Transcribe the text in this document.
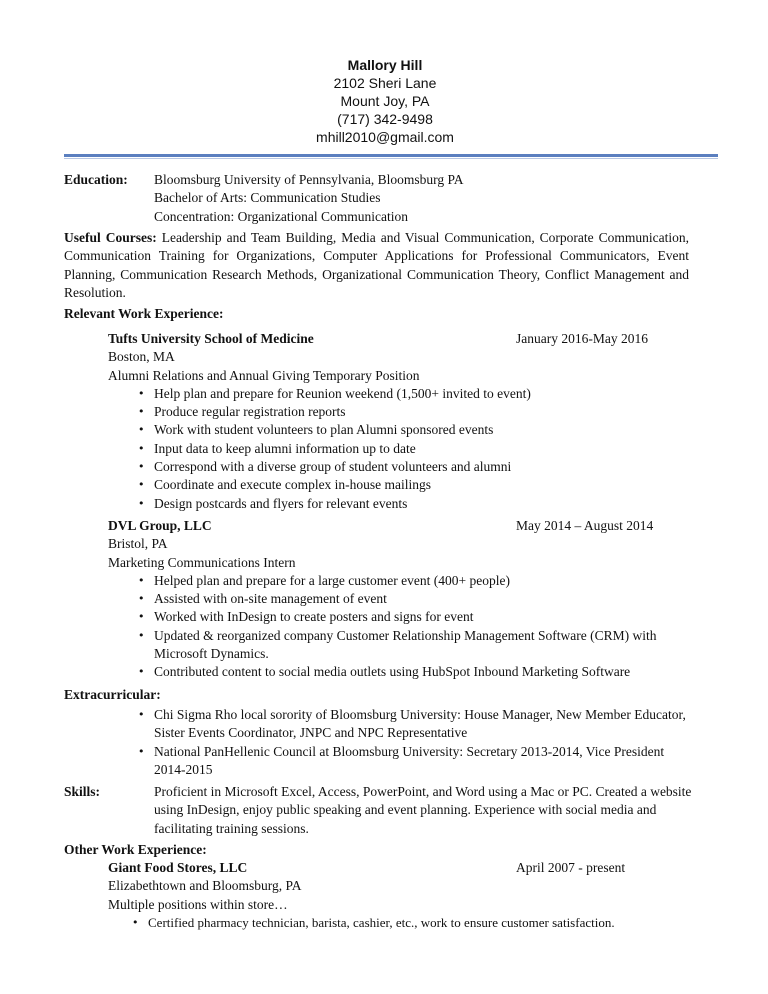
Mallory Hill
2102 Sheri Lane
Mount Joy, PA
(717) 342-9498
mhill2010@gmail.com
Education: Bloomsburg University of Pennsylvania, Bloomsburg PA
Bachelor of Arts: Communication Studies
Concentration: Organizational Communication
Useful Courses: Leadership and Team Building, Media and Visual Communication, Corporate Communication, Communication Training for Organizations, Computer Applications for Professional Communicators, Event Planning, Communication Research Methods, Organizational Communication Theory, Conflict Management and Resolution.
Relevant Work Experience:
Tufts University School of Medicine	January 2016-May 2016
Boston, MA
Alumni Relations and Annual Giving Temporary Position
• Help plan and prepare for Reunion weekend (1,500+ invited to event)
• Produce regular registration reports
• Work with student volunteers to plan Alumni sponsored events
• Input data to keep alumni information up to date
• Correspond with a diverse group of student volunteers and alumni
• Coordinate and execute complex in-house mailings
• Design postcards and flyers for relevant events
DVL Group, LLC	May 2014 – August 2014
Bristol, PA
Marketing Communications Intern
• Helped plan and prepare for a large customer event (400+ people)
• Assisted with on-site management of event
• Worked with InDesign to create posters and signs for event
• Updated & reorganized company Customer Relationship Management Software (CRM) with Microsoft Dynamics.
• Contributed content to social media outlets using HubSpot Inbound Marketing Software
Extracurricular:
• Chi Sigma Rho local sorority of Bloomsburg University: House Manager, New Member Educator, Sister Events Coordinator, JNPC and NPC Representative
• National PanHellenic Council at Bloomsburg University: Secretary 2013-2014, Vice President 2014-2015
Skills:	Proficient in Microsoft Excel, Access, PowerPoint, and Word using a Mac or PC. Created a website using InDesign, enjoy public speaking and event planning. Experience with social media and facilitating training sessions.
Other Work Experience:
Giant Food Stores, LLC	April 2007 - present
Elizabethtown and Bloomsburg, PA
Multiple positions within store…
• Certified pharmacy technician, barista, cashier, etc., work to ensure customer satisfaction.
